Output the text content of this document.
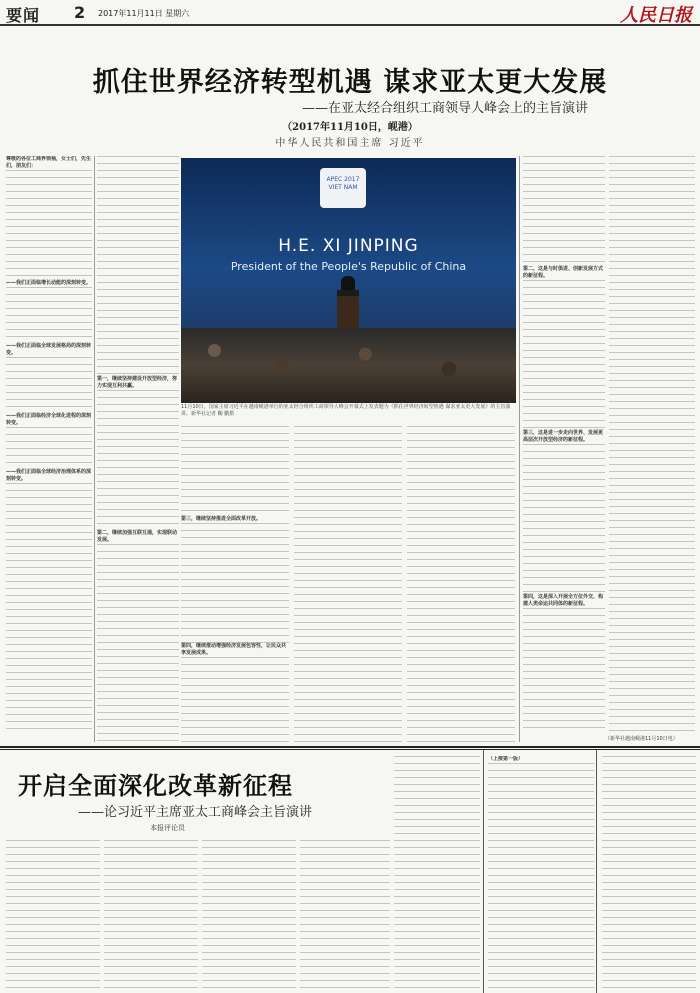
要闻 2 2017年11月11日 星期六	人民日报
抓住世界经济转型机遇 谋求亚太更大发展
——在亚太经合组织工商领导人峰会上的主旨演讲
（2017年11月10日，岘港）
中华人民共和国主席 习近平

尊敬的各位工商界领袖，女士们，先生们，朋友们：

——我们正面临增长动能的深刻转变。

——我们正面临全球发展格局的深刻转变。

——我们正面临经济全球化进程的深刻转变。

——我们正面临全球经济治理体系的深刻转变。

第一，继续坚持建设开放型经济，努力实现互利共赢。

第二，继续加强互联互通，实现联动发展。

APEC 2017 VIET NAM
H.E. XI JINPING
President of the People's Republic of China
11月10日，国家主席习近平在越南岘港举行的亚太经合组织工商领导人峰会开幕式上发表题为《抓住世界经济转型机遇 谋求亚太更大发展》的主旨演讲。新华社记者 鞠 鹏摄

第三，继续坚持推进全面改革开放。

第四，继续推动增强经济发展包容性，让民众共享发展成果。

第二，这是与时俱进、创新发展方式的新征程。

第三，这是进一步走向世界、发展更高层次开放型经济的新征程。

第四，这是深入开展全方位外交、构建人类命运共同体的新征程。

（新华社越南岘港11月10日电）
开启全面深化改革新征程
——论习近平主席亚太工商峰会主旨演讲
本报评论员

（上接第一版）
